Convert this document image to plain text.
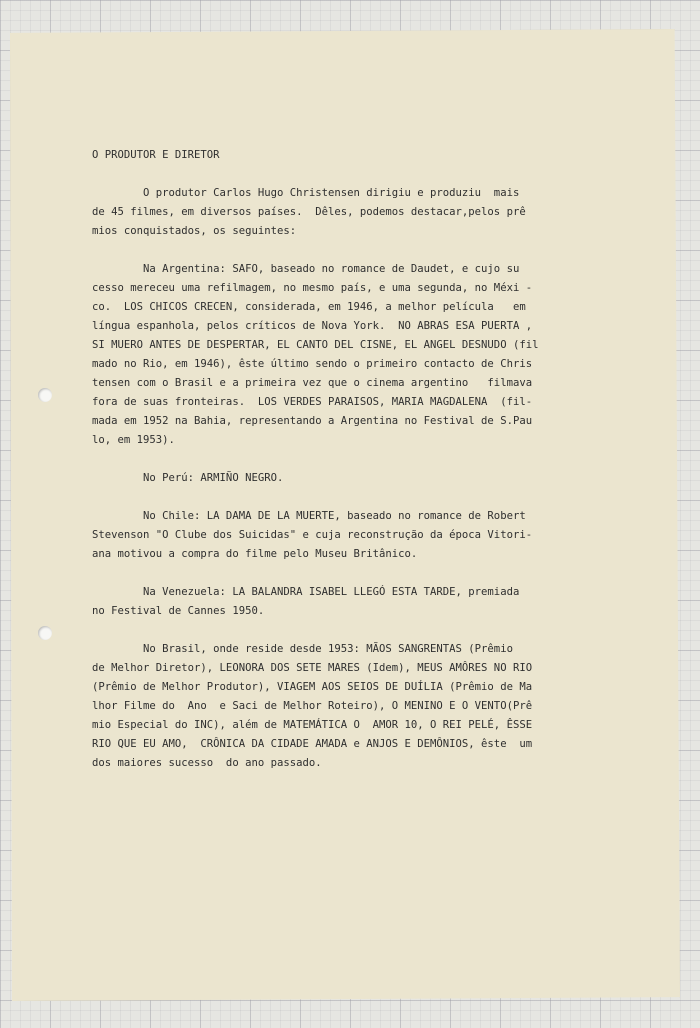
O PRODUTOR E DIRETOR
O produtor Carlos Hugo Christensen dirigiu e produziu  mais
de 45 filmes, em diversos países.  Dêles, podemos destacar,pelos prê
mios conquistados, os seguintes:
Na Argentina: SAFO, baseado no romance de Daudet, e cujo su
cesso mereceu uma refilmagem, no mesmo país, e uma segunda, no Méxi -
co.  LOS CHICOS CRECEN, considerada, em 1946, a melhor película   em
língua espanhola, pelos críticos de Nova York.  NO ABRAS ESA PUERTA ,
SI MUERO ANTES DE DESPERTAR, EL CANTO DEL CISNE, EL ANGEL DESNUDO (fil
mado no Rio, em 1946), êste último sendo o primeiro contacto de Chris
tensen com o Brasil e a primeira vez que o cinema argentino   filmava
fora de suas fronteiras.  LOS VERDES PARAISOS, MARIA MAGDALENA  (fil-
mada em 1952 na Bahia, representando a Argentina no Festival de S.Pau
lo, em 1953).
No Perú: ARMIÑO NEGRO.
No Chile: LA DAMA DE LA MUERTE, baseado no romance de Robert
Stevenson "O Clube dos Suicidas" e cuja reconstrução da época Vitori-
ana motivou a compra do filme pelo Museu Britânico.
Na Venezuela: LA BALANDRA ISABEL LLEGÓ ESTA TARDE, premiada
no Festival de Cannes 1950.
No Brasil, onde reside desde 1953: MÃOS SANGRENTAS (Prêmio
de Melhor Diretor), LEONORA DOS SETE MARES (Idem), MEUS AMÔRES NO RIO
(Prêmio de Melhor Produtor), VIAGEM AOS SEIOS DE DUÍLIA (Prêmio de Ma
lhor Filme do  Ano  e Saci de Melhor Roteiro), O MENINO E O VENTO(Prê
mio Especial do INC), além de MATEMÁTICA O  AMOR 10, O REI PELÉ, ÊSSE
RIO QUE EU AMO,  CRÔNICA DA CIDADE AMADA e ANJOS E DEMÔNIOS, êste  um
dos maiores sucesso  do ano passado.
